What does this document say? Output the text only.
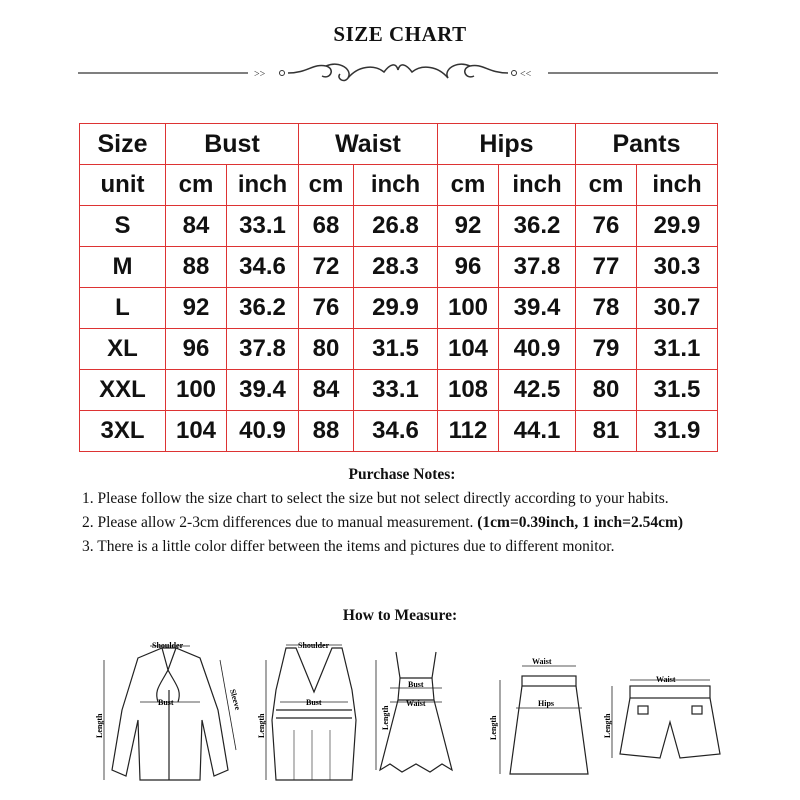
SIZE CHART
>>	<<
Size	Bust		Waist		Hips		Pants	
unit	cm	inch	cm	inch	cm	inch	cm	inch
S	84	33.1	68	26.8	92	36.2	76	29.9
M	88	34.6	72	28.3	96	37.8	77	30.3
L	92	36.2	76	29.9	100	39.4	78	30.7
XL	96	37.8	80	31.5	104	40.9	79	31.1
XXL	100	39.4	84	33.1	108	42.5	80	31.5
3XL	104	40.9	88	34.6	112	44.1	81	31.9
Purchase Notes:

1. Please follow the size chart to select the size but not select directly according to your habits.

2. Please allow 2-3cm differences due to manual measurement. (1cm=0.39inch, 1 inch=2.54cm)

3. There is a little color differ between the items and pictures due to different monitor.

How to Measure:
Shoulder
Length
Bust	Sleeve
Shoulder
Length
Bust
Bust
Waist
Length
Waist
Hips
Length
Waist
Length
